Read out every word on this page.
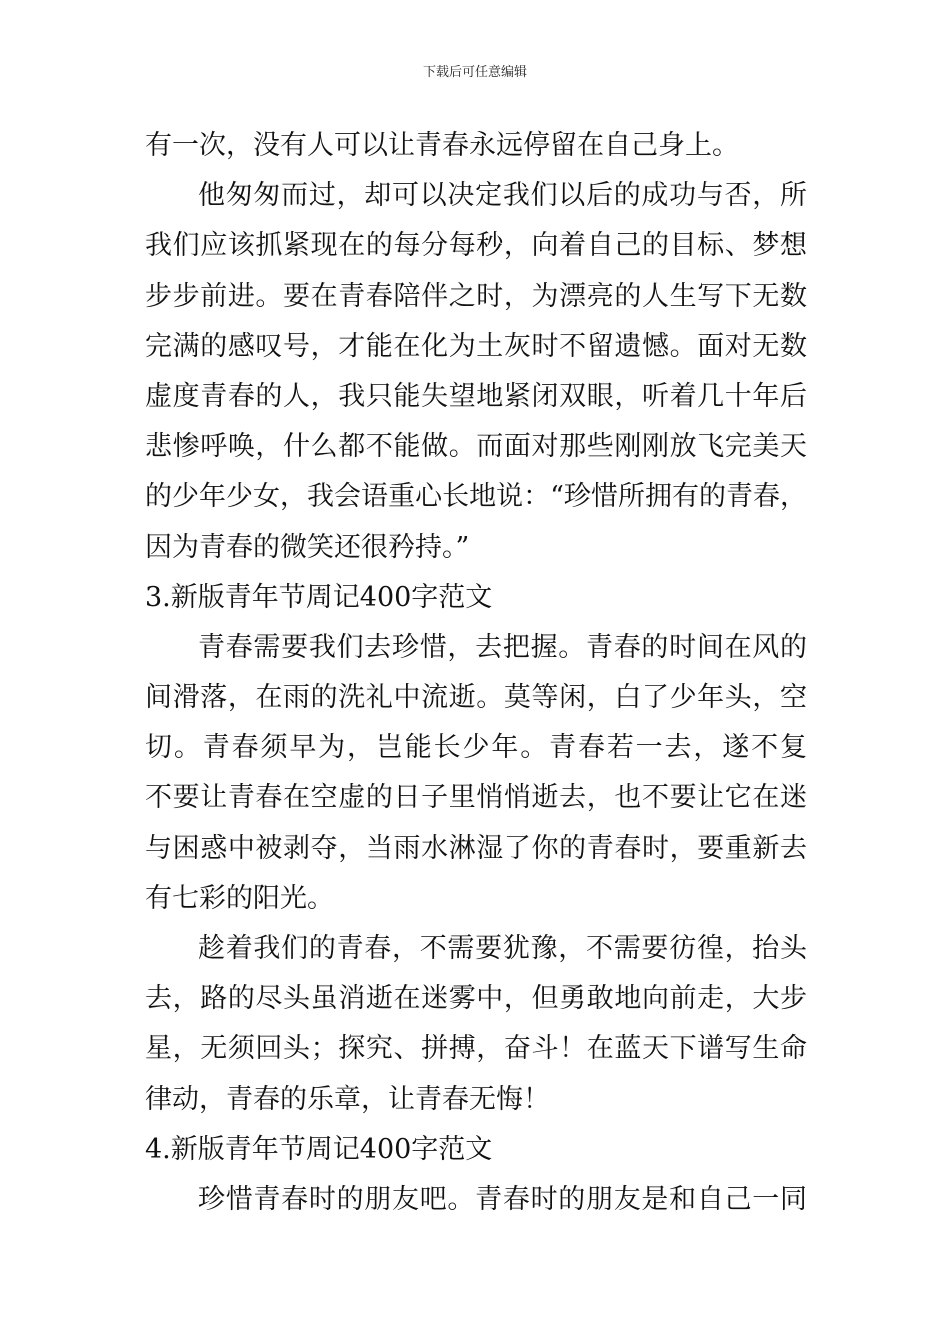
下载后可任意编辑
有一次，没有人可以让青春永远停留在自己身上。
他匆匆而过，却可以决定我们以后的成功与否，所
我们应该抓紧现在的每分每秒，向着自己的目标、梦想
步步前进。要在青春陪伴之时，为漂亮的人生写下无数
完满的感叹号，才能在化为土灰时不留遗憾。面对无数
虚度青春的人，我只能失望地紧闭双眼，听着几十年后
悲惨呼唤，什么都不能做。而面对那些刚刚放飞完美天
的少年少女，我会语重心长地说：“珍惜所拥有的青春，
因为青春的微笑还很矜持。”
3.新版青年节周记400字范文
青春需要我们去珍惜，去把握。青春的时间在风的
间滑落，在雨的洗礼中流逝。莫等闲，白了少年头，空
切。青春须早为，岂能长少年。青春若一去，遂不复
不要让青春在空虚的日子里悄悄逝去，也不要让它在迷
与困惑中被剥夺，当雨水淋湿了你的青春时，要重新去
有七彩的阳光。
趁着我们的青春，不需要犹豫，不需要彷徨，抬头
去，路的尽头虽消逝在迷雾中，但勇敢地向前走，大步
星，无须回头；探究、拼搏，奋斗！在蓝天下谱写生命
律动，青春的乐章，让青春无悔！
4.新版青年节周记400字范文
珍惜青春时的朋友吧。青春时的朋友是和自己一同
